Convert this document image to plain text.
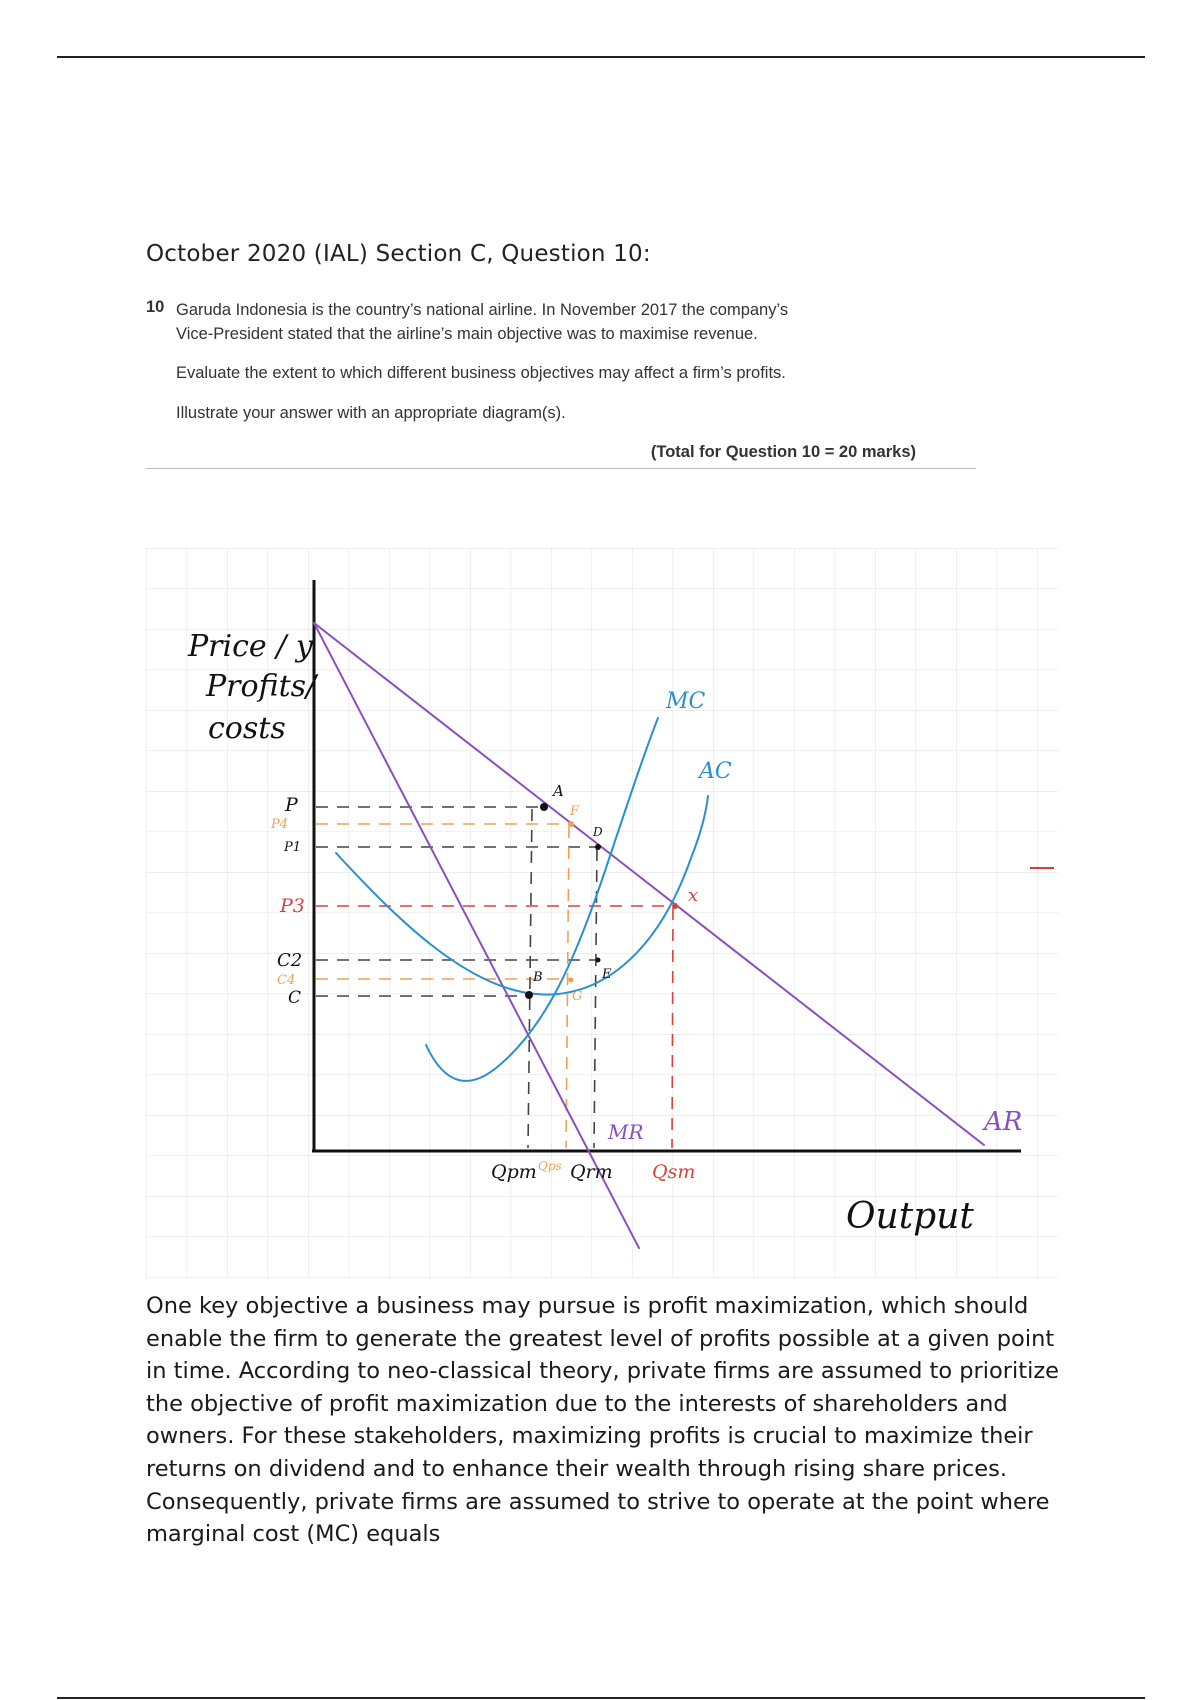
October 2020 (IAL) Section C, Question 10:
10 Garuda Indonesia is the country’s national airline. In November 2017 the company’s
Vice-President stated that the airline’s main objective was to maximise revenue.
Evaluate the extent to which different business objectives may affect a firm’s profits.
Illustrate your answer with an appropriate diagram(s).
(Total for Question 10 = 20 marks)
Price / y
Profits/
costs
Output
MC
AC
AR
MR
P
P4
P1
P3
C2
C4
C
Qpm Qps Qrm Qsm
A
F
D
x
B	E
G

One key objective a business may pursue is profit maximization, which should enable the firm to generate the greatest level of profits possible at a given point in time. According to neo-classical theory, private firms are assumed to prioritize the objective of profit maximization due to the interests of shareholders and owners. For these stakeholders, maximizing profits is crucial to maximize their returns on dividend and to enhance their wealth through rising share prices. Consequently, private firms are assumed to strive to operate at the point where marginal cost (MC) equals
